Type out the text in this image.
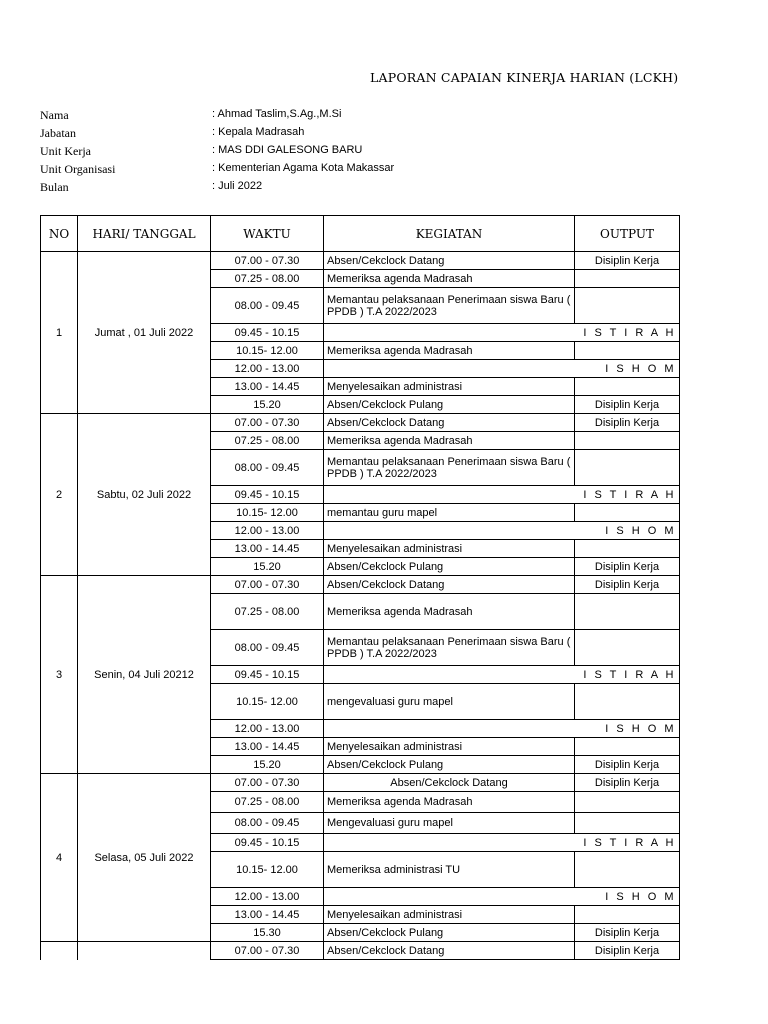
LAPORAN CAPAIAN KINERJA HARIAN (LCKH)
Nama	: Ahmad Taslim,S.Ag.,M.Si
Jabatan	: Kepala Madrasah
Unit Kerja	: MAS DDI GALESONG BARU
Unit Organisasi	: Kementerian Agama Kota Makassar
Bulan	: Juli 2022
NO	HARI/ TANGGAL	WAKTU	KEGIATAN	OUTPUT
1	Jumat , 01 Juli 2022	07.00 - 07.30	Absen/Cekclock Datang	Disiplin Kerja
		07.25 - 08.00	Memeriksa agenda Madrasah	
		08.00 - 09.45	Memantau pelaksanaan Penerimaan siswa Baru ( PPDB ) T.A 2022/2023	
		09.45 - 10.15	I S T I R A H	
		10.15- 12.00	Memeriksa agenda Madrasah	
		12.00 - 13.00	I S H O M	
		13.00 - 14.45	Menyelesaikan administrasi	
		15.20	Absen/Cekclock Pulang	Disiplin Kerja
2	Sabtu, 02 Juli 2022	07.00 - 07.30	Absen/Cekclock Datang	Disiplin Kerja
		07.25 - 08.00	Memeriksa agenda Madrasah	
		08.00 - 09.45	Memantau pelaksanaan Penerimaan siswa Baru ( PPDB ) T.A 2022/2023	
		09.45 - 10.15	I S T I R A H	
		10.15- 12.00	memantau guru mapel	
		12.00 - 13.00	I S H O M	
		13.00 - 14.45	Menyelesaikan administrasi	
		15.20	Absen/Cekclock Pulang	Disiplin Kerja
3	Senin, 04 Juli 20212	07.00 - 07.30	Absen/Cekclock Datang	Disiplin Kerja
		07.25 - 08.00	Memeriksa agenda Madrasah	
		08.00 - 09.45	Memantau pelaksanaan Penerimaan siswa Baru ( PPDB ) T.A 2022/2023	
		09.45 - 10.15	I S T I R A H	
		10.15- 12.00	mengevaluasi guru mapel	
		12.00 - 13.00	I S H O M	
		13.00 - 14.45	Menyelesaikan administrasi	
		15.20	Absen/Cekclock Pulang	Disiplin Kerja
4	Selasa, 05 Juli 2022	07.00 - 07.30	Absen/Cekclock Datang	Disiplin Kerja
		07.25 - 08.00	Memeriksa agenda Madrasah	
		08.00 - 09.45	Mengevaluasi guru mapel	
		09.45 - 10.15	I S T I R A H	
		10.15- 12.00	Memeriksa administrasi TU	
		12.00 - 13.00	I S H O M	
		13.00 - 14.45	Menyelesaikan administrasi	
		15.30	Absen/Cekclock Pulang	Disiplin Kerja
		07.00 - 07.30	Absen/Cekclock Datang	Disiplin Kerja
